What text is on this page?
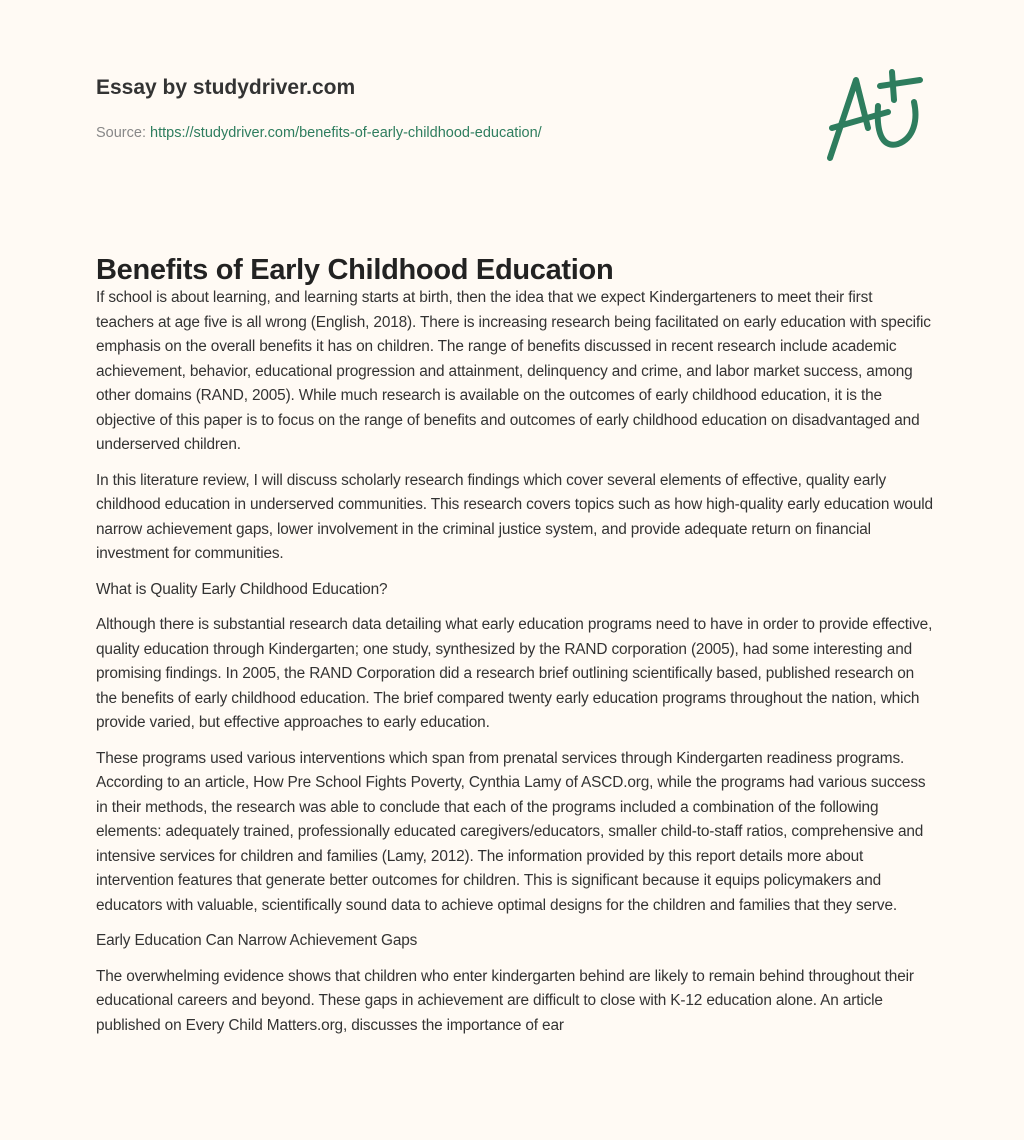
Essay by studydriver.com
Source: https://studydriver.com/benefits-of-early-childhood-education/
Benefits of Early Childhood Education

If school is about learning, and learning starts at birth, then the idea that we expect Kindergarteners to meet their first teachers at age five is all wrong (English, 2018). There is increasing research being facilitated on early education with specific emphasis on the overall benefits it has on children. The range of benefits discussed in recent research include academic achievement, behavior, educational progression and attainment, delinquency and crime, and labor market success, among other domains (RAND, 2005). While much research is available on the outcomes of early childhood education, it is the objective of this paper is to focus on the range of benefits and outcomes of early childhood education on disadvantaged and underserved children.

In this literature review, I will discuss scholarly research findings which cover several elements of effective, quality early childhood education in underserved communities. This research covers topics such as how high-quality early education would narrow achievement gaps, lower involvement in the criminal justice system, and provide adequate return on financial investment for communities.

What is Quality Early Childhood Education?

Although there is substantial research data detailing what early education programs need to have in order to provide effective, quality education through Kindergarten; one study, synthesized by the RAND corporation (2005), had some interesting and promising findings. In 2005, the RAND Corporation did a research brief outlining scientifically based, published research on the benefits of early childhood education. The brief compared twenty early education programs throughout the nation, which provide varied, but effective approaches to early education.

These programs used various interventions which span from prenatal services through Kindergarten readiness programs. According to an article, How Pre School Fights Poverty, Cynthia Lamy of ASCD.org, while the programs had various success in their methods, the research was able to conclude that each of the programs included a combination of the following elements: adequately trained, professionally educated caregivers/educators, smaller child-to-staff ratios, comprehensive and intensive services for children and families (Lamy, 2012). The information provided by this report details more about intervention features that generate better outcomes for children. This is significant because it equips policymakers and educators with valuable, scientifically sound data to achieve optimal designs for the children and families that they serve.

Early Education Can Narrow Achievement Gaps

The overwhelming evidence shows that children who enter kindergarten behind are likely to remain behind throughout their educational careers and beyond. These gaps in achievement are difficult to close with K-12 education alone. An article published on Every Child Matters.org, discusses the importance of ear
